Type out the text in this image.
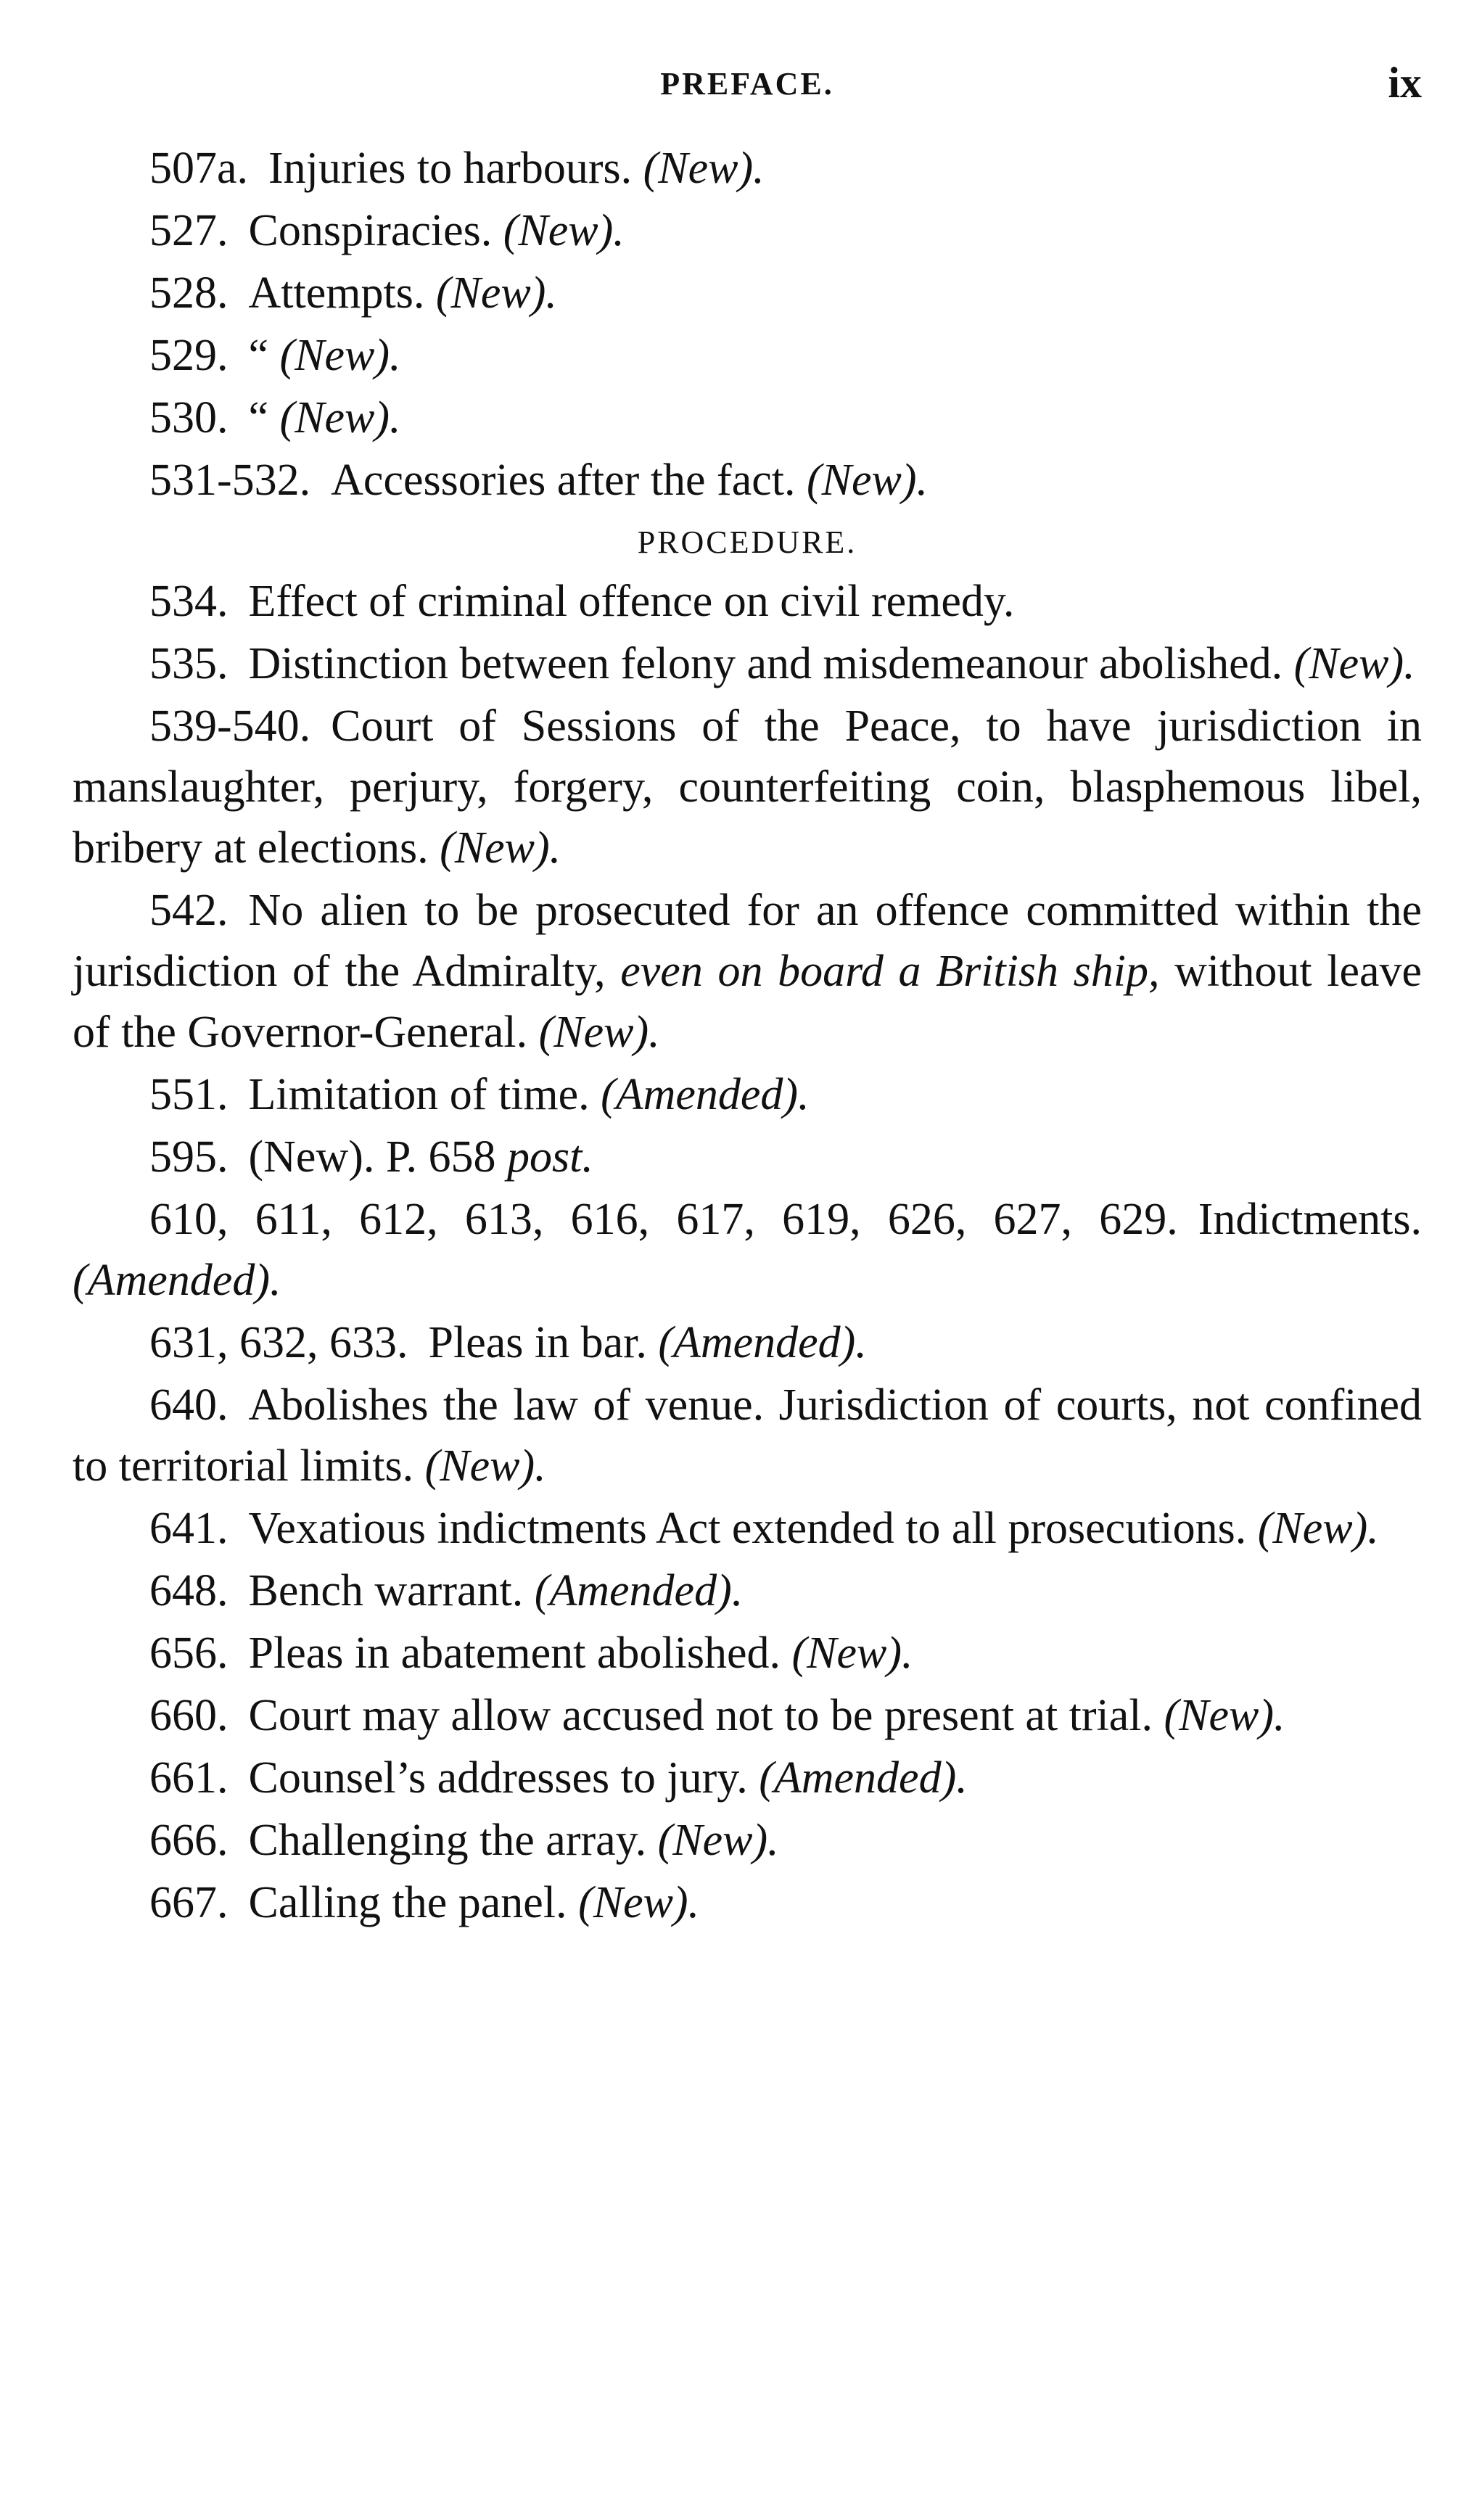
PREFACE.	ix

507a. Injuries to harbours. (New).

527. Conspiracies. (New).

528. Attempts. (New).

529. “ (New).

530. “ (New).

531-532. Accessories after the fact. (New).

PROCEDURE.

534. Effect of criminal offence on civil remedy.

535. Distinction between felony and misdemeanour abolished. (New).

539-540. Court of Sessions of the Peace, to have jurisdiction in manslaughter, perjury, forgery, counterfeiting coin, blasphemous libel, bribery at elections. (New).

542. No alien to be prosecuted for an offence committed within the jurisdiction of the Admiralty, even on board a British ship, without leave of the Governor-General. (New).

551. Limitation of time. (Amended).

595. (New). P. 658 post.

610, 611, 612, 613, 616, 617, 619, 626, 627, 629. Indictments. (Amended).

631, 632, 633. Pleas in bar. (Amended).

640. Abolishes the law of venue. Jurisdiction of courts, not confined to territorial limits. (New).

641. Vexatious indictments Act extended to all prosecutions. (New).

648. Bench warrant. (Amended).

656. Pleas in abatement abolished. (New).

660. Court may allow accused not to be present at trial. (New).

661. Counsel’s addresses to jury. (Amended).

666. Challenging the array. (New).

667. Calling the panel. (New).
